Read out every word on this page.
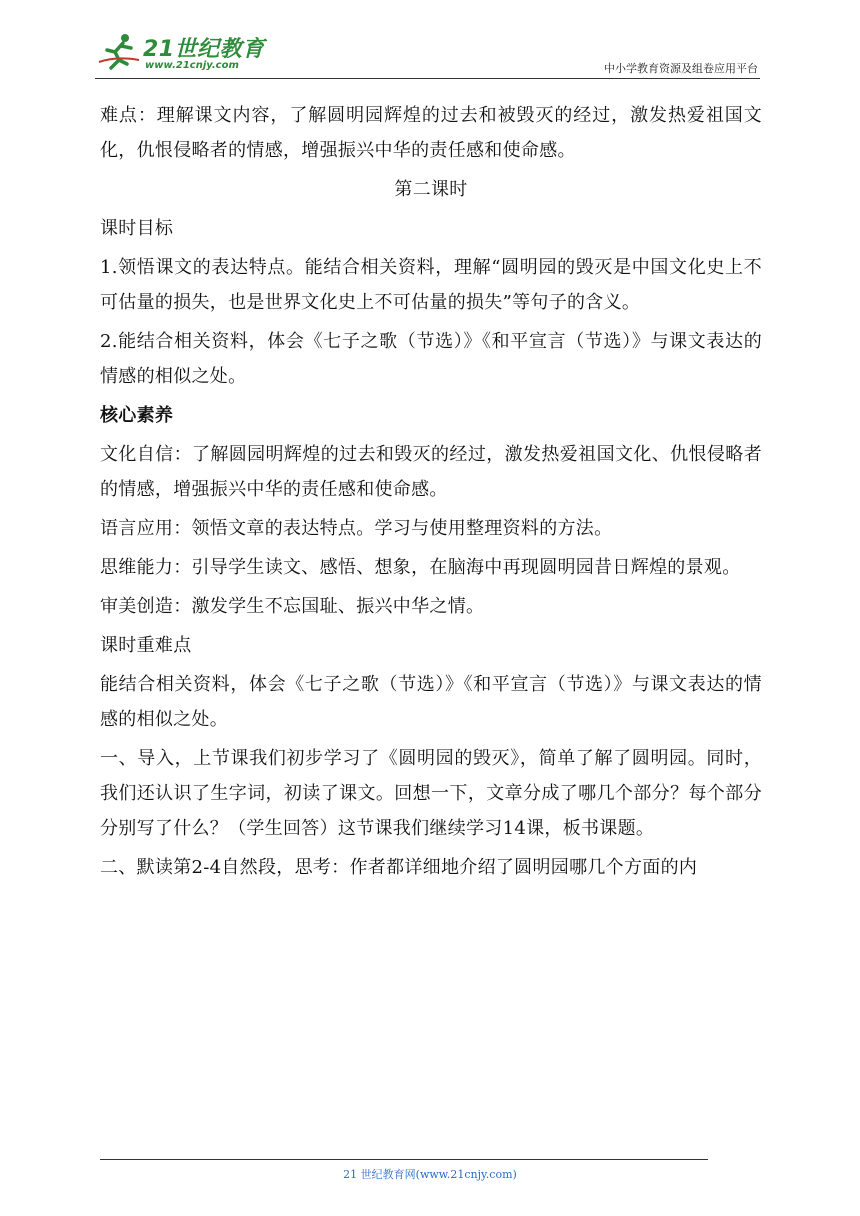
21世纪教育
www.21cnjy.com	中小学教育资源及组卷应用平台

难点：理解课文内容，了解圆明园辉煌的过去和被毁灭的经过，激发热爱祖国文化，仇恨侵略者的情感，增强振兴中华的责任感和使命感。

第二课时

课时目标

1.领悟课文的表达特点。能结合相关资料，理解“圆明园的毁灭是中国文化史上不可估量的损失，也是世界文化史上不可估量的损失”等句子的含义。

2.能结合相关资料，体会《七子之歌（节选）》《和平宣言（节选）》与课文表达的情感的相似之处。

核心素养

文化自信：了解圆园明辉煌的过去和毁灭的经过，激发热爱祖国文化、仇恨侵略者的情感，增强振兴中华的责任感和使命感。

语言应用：领悟文章的表达特点。学习与使用整理资料的方法。

思维能力：引导学生读文、感悟、想象，在脑海中再现圆明园昔日辉煌的景观。

审美创造：激发学生不忘国耻、振兴中华之情。

课时重难点

能结合相关资料，体会《七子之歌（节选）》《和平宣言（节选）》与课文表达的情感的相似之处。

一、导入，上节课我们初步学习了《圆明园的毁灭》，简单了解了圆明园。同时，我们还认识了生字词，初读了课文。回想一下，文章分成了哪几个部分？每个部分分别写了什么？（学生回答）这节课我们继续学习14课，板书课题。

二、默读第2-4自然段，思考：作者都详细地介绍了圆明园哪几个方面的内

21 世纪教育网(www.21cnjy.com)
